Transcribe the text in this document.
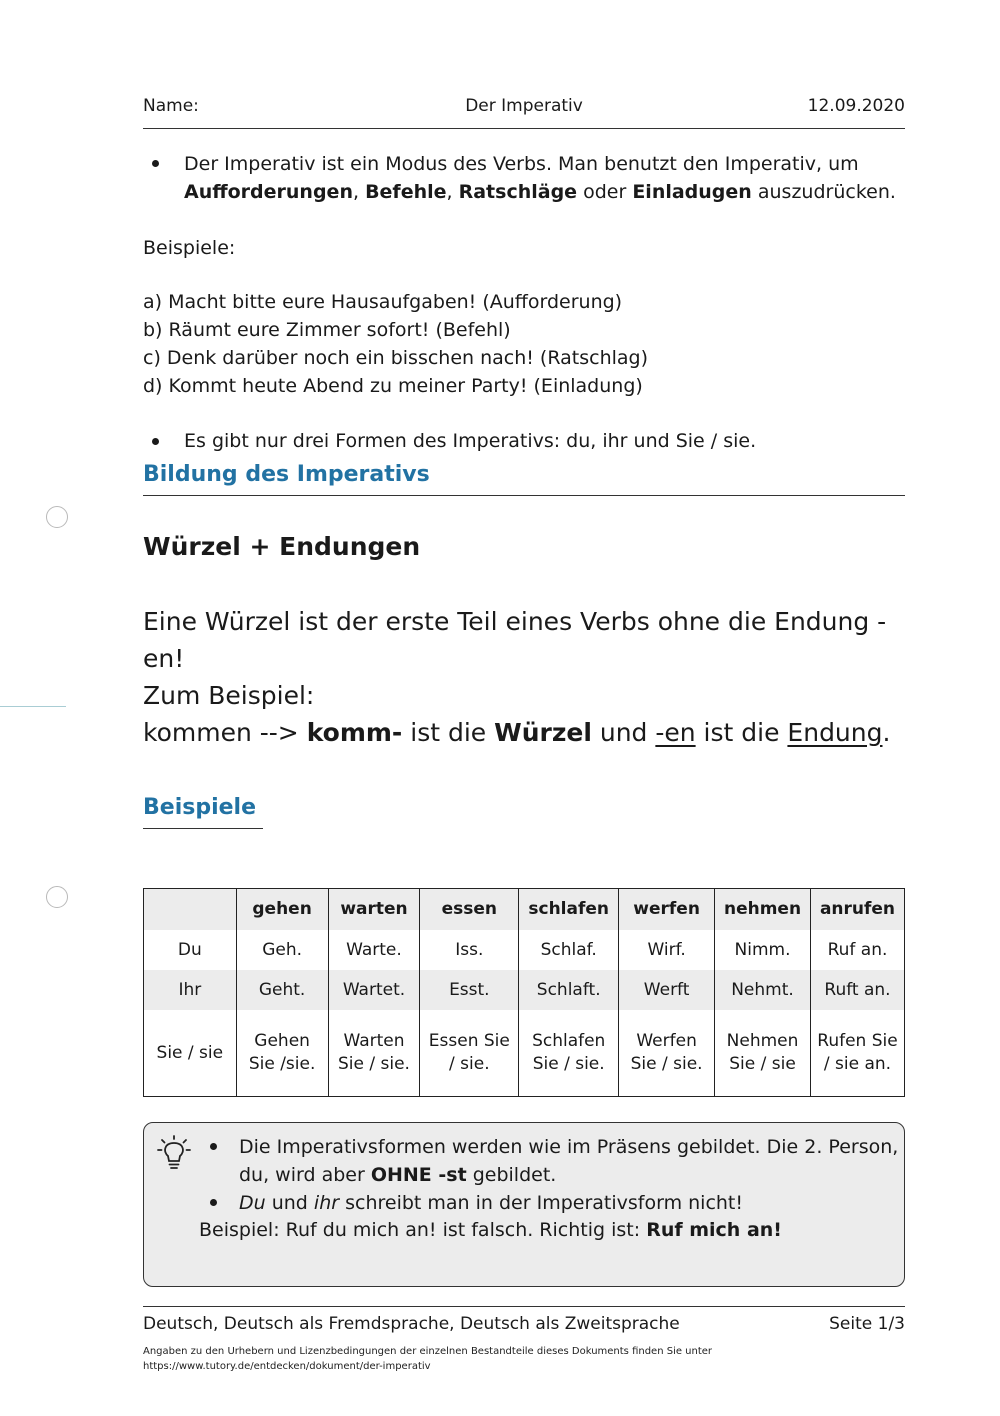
Name:	Der Imperativ	12.09.2020
Der Imperativ ist ein Modus des Verbs. Man benutzt den Imperativ, um
Aufforderungen, Befehle, Ratschläge oder Einladugen auszudrücken.
Beispiele:
a) Macht bitte eure Hausaufgaben! (Aufforderung)
b) Räumt eure Zimmer sofort! (Befehl)
c) Denk darüber noch ein bisschen nach! (Ratschlag)
d) Kommt heute Abend zu meiner Party! (Einladung)
Es gibt nur drei Formen des Imperativs: du, ihr und Sie / sie.
Bildung des Imperativs
Würzel + Endungen
Eine Würzel ist der erste Teil eines Verbs ohne die Endung -
en!
Zum Beispiel:
kommen --> komm- ist die Würzel und -en ist die Endung.
Beispiele
	gehen	warten	essen	schlafen	werfen	nehmen	anrufen
Du	Geh.	Warte.	Iss.	Schlaf.	Wirf.	Nimm.	Ruf an.
Ihr	Geht.	Wartet.	Esst.	Schlaft.	Werft	Nehmt.	Ruft an.
Sie / sie	Gehen Sie /sie.	Warten Sie / sie.	Essen Sie / sie.	Schlafen Sie / sie.	Werfen Sie / sie.	Nehmen Sie / sie	Rufen Sie / sie an.
Die Imperativsformen werden wie im Präsens gebildet. Die 2. Person,
du, wird aber OHNE -st gebildet.
Du und ihr schreibt man in der Imperativsform nicht!
Beispiel: Ruf du mich an! ist falsch. Richtig ist: Ruf mich an!
Deutsch, Deutsch als Fremdsprache, Deutsch als Zweitsprache	Seite 1/3
Angaben zu den Urhebern und Lizenzbedingungen der einzelnen Bestandteile dieses Dokuments finden Sie unter
https://www.tutory.de/entdecken/dokument/der-imperativ
